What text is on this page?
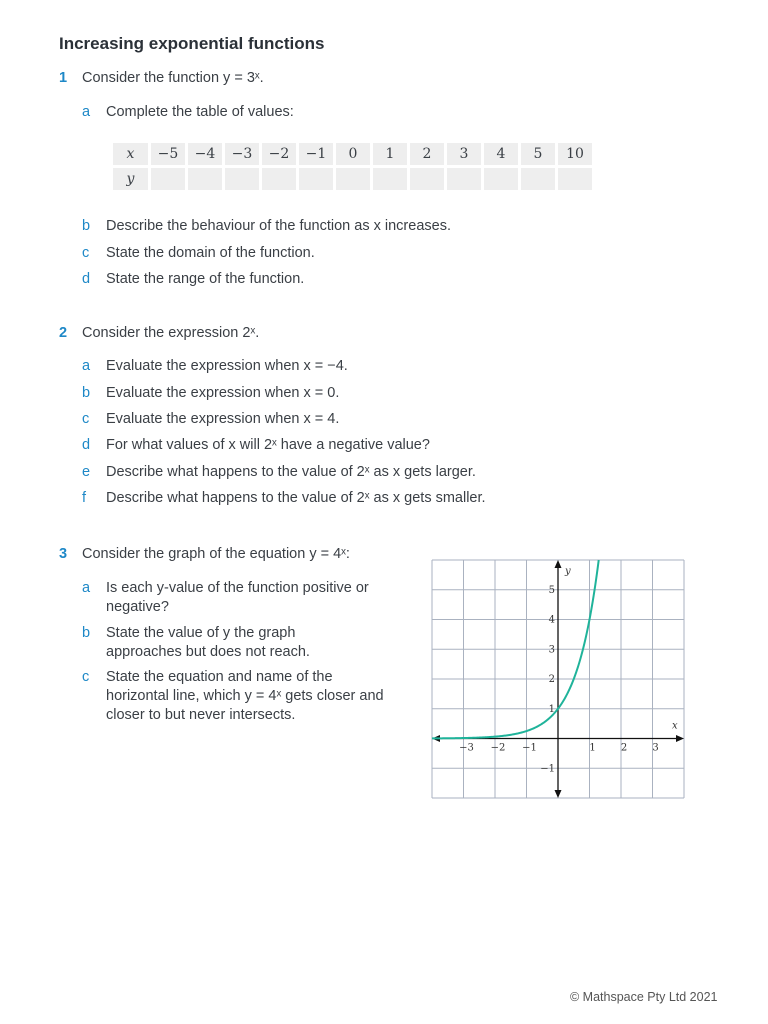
Increasing exponential functions
1 Consider the function y = 3ˣ.
a Complete the table of values:
x	−5	−4	−3	−2	−1	0	1	2	3	4	5	10
y												
b Describe the behaviour of the function as x increases.
c State the domain of the function.
d State the range of the function.
2 Consider the expression 2ˣ.
a Evaluate the expression when x = −4.
b Evaluate the expression when x = 0.
c Evaluate the expression when x = 4.
d For what values of x will 2ˣ have a negative value?
e Describe what happens to the value of 2ˣ as x gets larger.
f Describe what happens to the value of 2ˣ as x gets smaller.
3 Consider the graph of the equation y = 4ˣ:
a Is each y-value of the function positive or negative?
b State the value of y the graph approaches but does not reach.
c State the equation and name of the horizontal line, which y = 4ˣ gets closer and closer to but never intersects.
−3 −2 −1	1	2	3
1
2
3
4
5
−1
x
y
© Mathspace Pty Ltd 2021
